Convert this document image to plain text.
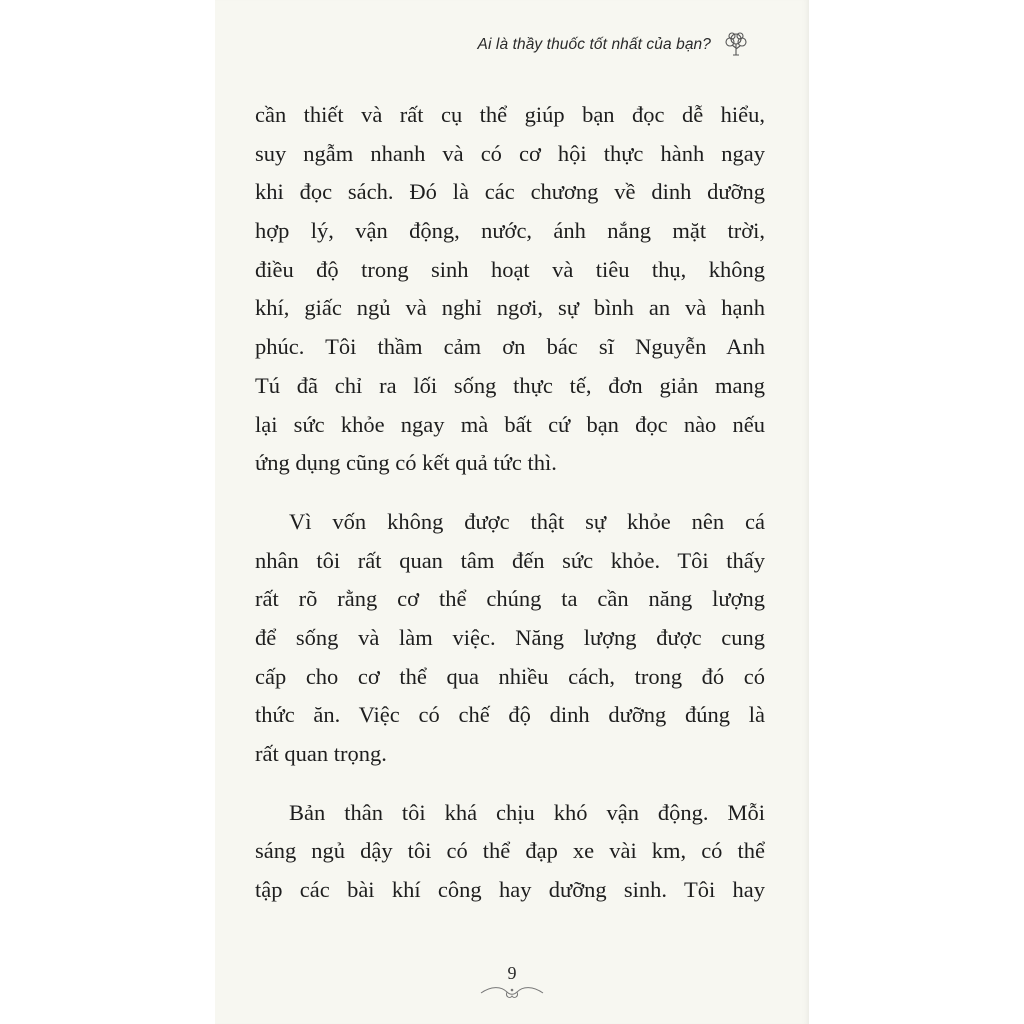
Ai là thầy thuốc tốt nhất của bạn?

cần thiết và rất cụ thể giúp bạn đọc dễ hiểu,
suy ngẫm nhanh và có cơ hội thực hành ngay
khi đọc sách. Đó là các chương về dinh dưỡng
hợp lý, vận động, nước, ánh nắng mặt trời,
điều độ trong sinh hoạt và tiêu thụ, không
khí, giấc ngủ và nghỉ ngơi, sự bình an và hạnh
phúc. Tôi thầm cảm ơn bác sĩ Nguyễn Anh
Tú đã chỉ ra lối sống thực tế, đơn giản mang
lại sức khỏe ngay mà bất cứ bạn đọc nào nếu
ứng dụng cũng có kết quả tức thì.

Vì vốn không được thật sự khỏe nên cá
nhân tôi rất quan tâm đến sức khỏe. Tôi thấy
rất rõ rằng cơ thể chúng ta cần năng lượng
để sống và làm việc. Năng lượng được cung
cấp cho cơ thể qua nhiều cách, trong đó có
thức ăn. Việc có chế độ dinh dưỡng đúng là
rất quan trọng.

Bản thân tôi khá chịu khó vận động. Mỗi
sáng ngủ dậy tôi có thể đạp xe vài km, có thể
tập các bài khí công hay dưỡng sinh. Tôi hay

9
